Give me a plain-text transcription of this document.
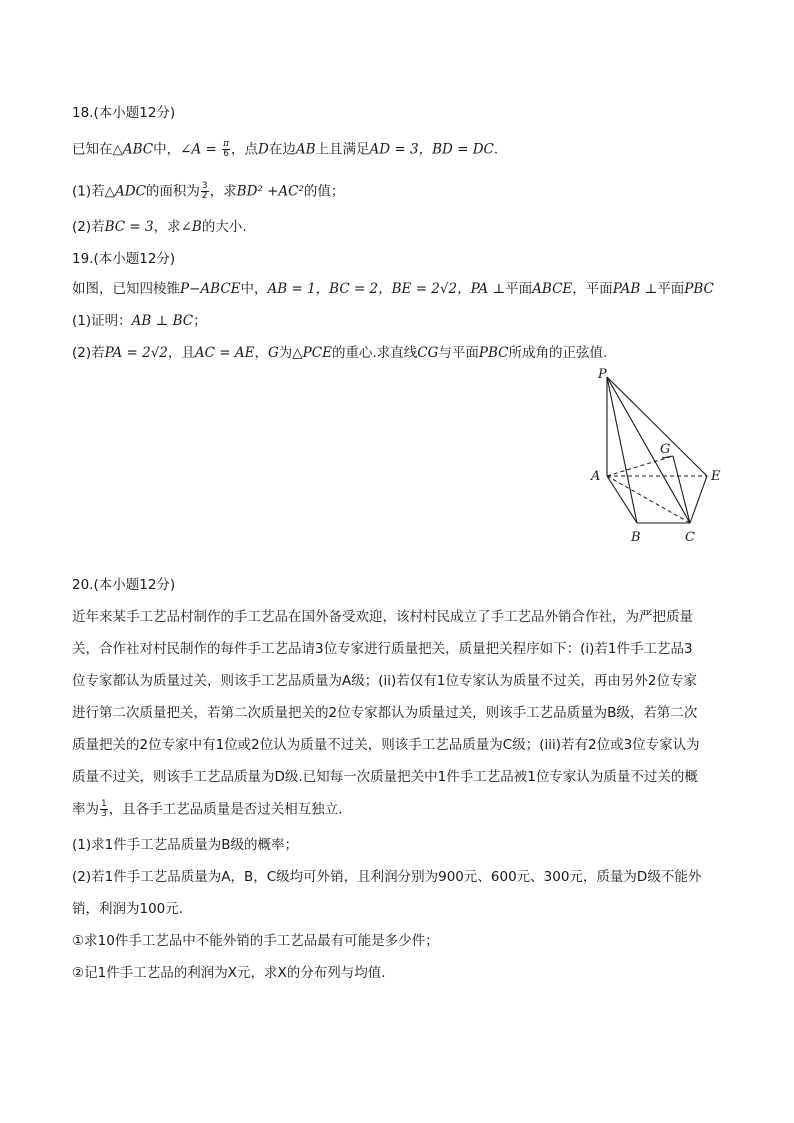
18.(本小题12分)
已知在△ABC中，∠A = $\frac{\pi}{6}$ ，点D在边AB上且满足AD = 3，BD = DC.
(1)若△ADC的面积为 $\frac{3}{2}$ ，求BD² +AC²的值；
(2)若BC = 3，求∠B的大小.
19.(本小题12分)
如图，已知四棱锥P−ABCE中，AB = 1，BC = 2，BE = 2√2，PA ⊥平面ABCE，平面PAB ⊥平面PBC
(1)证明：AB ⊥ BC；
(2)若PA = 2√2，且AC = AE，G为△PCE的重心.求直线CG与平面PBC所成角的正弦值.
P
G
A	E
B	C
20.(本小题12分)
近年来某手工艺品村制作的手工艺品在国外备受欢迎，该村村民成立了手工艺品外销合作社，为严把质量
关，合作社对村民制作的每件手工艺品请3位专家进行质量把关，质量把关程序如下：(i)若1件手工艺品3
位专家都认为质量过关，则该手工艺品质量为A级；(ii)若仅有1位专家认为质量不过关，再由另外2位专家
进行第二次质量把关，若第二次质量把关的2位专家都认为质量过关，则该手工艺品质量为B级，若第二次
质量把关的2位专家中有1位或2位认为质量不过关，则该手工艺品质量为C级；(iii)若有2位或3位专家认为
质量不过关，则该手工艺品质量为D级.已知每一次质量把关中1件手工艺品被1位专家认为质量不过关的概
率为 $\frac{1}{3}$ ，且各手工艺品质量是否过关相互独立.
(1)求1件手工艺品质量为B级的概率；
(2)若1件手工艺品质量为A，B，C级均可外销，且利润分别为900元、600元、300元，质量为D级不能外
销，利润为100元.
①求10件手工艺品中不能外销的手工艺品最有可能是多少件；
②记1件手工艺品的利润为X元，求X的分布列与均值.
